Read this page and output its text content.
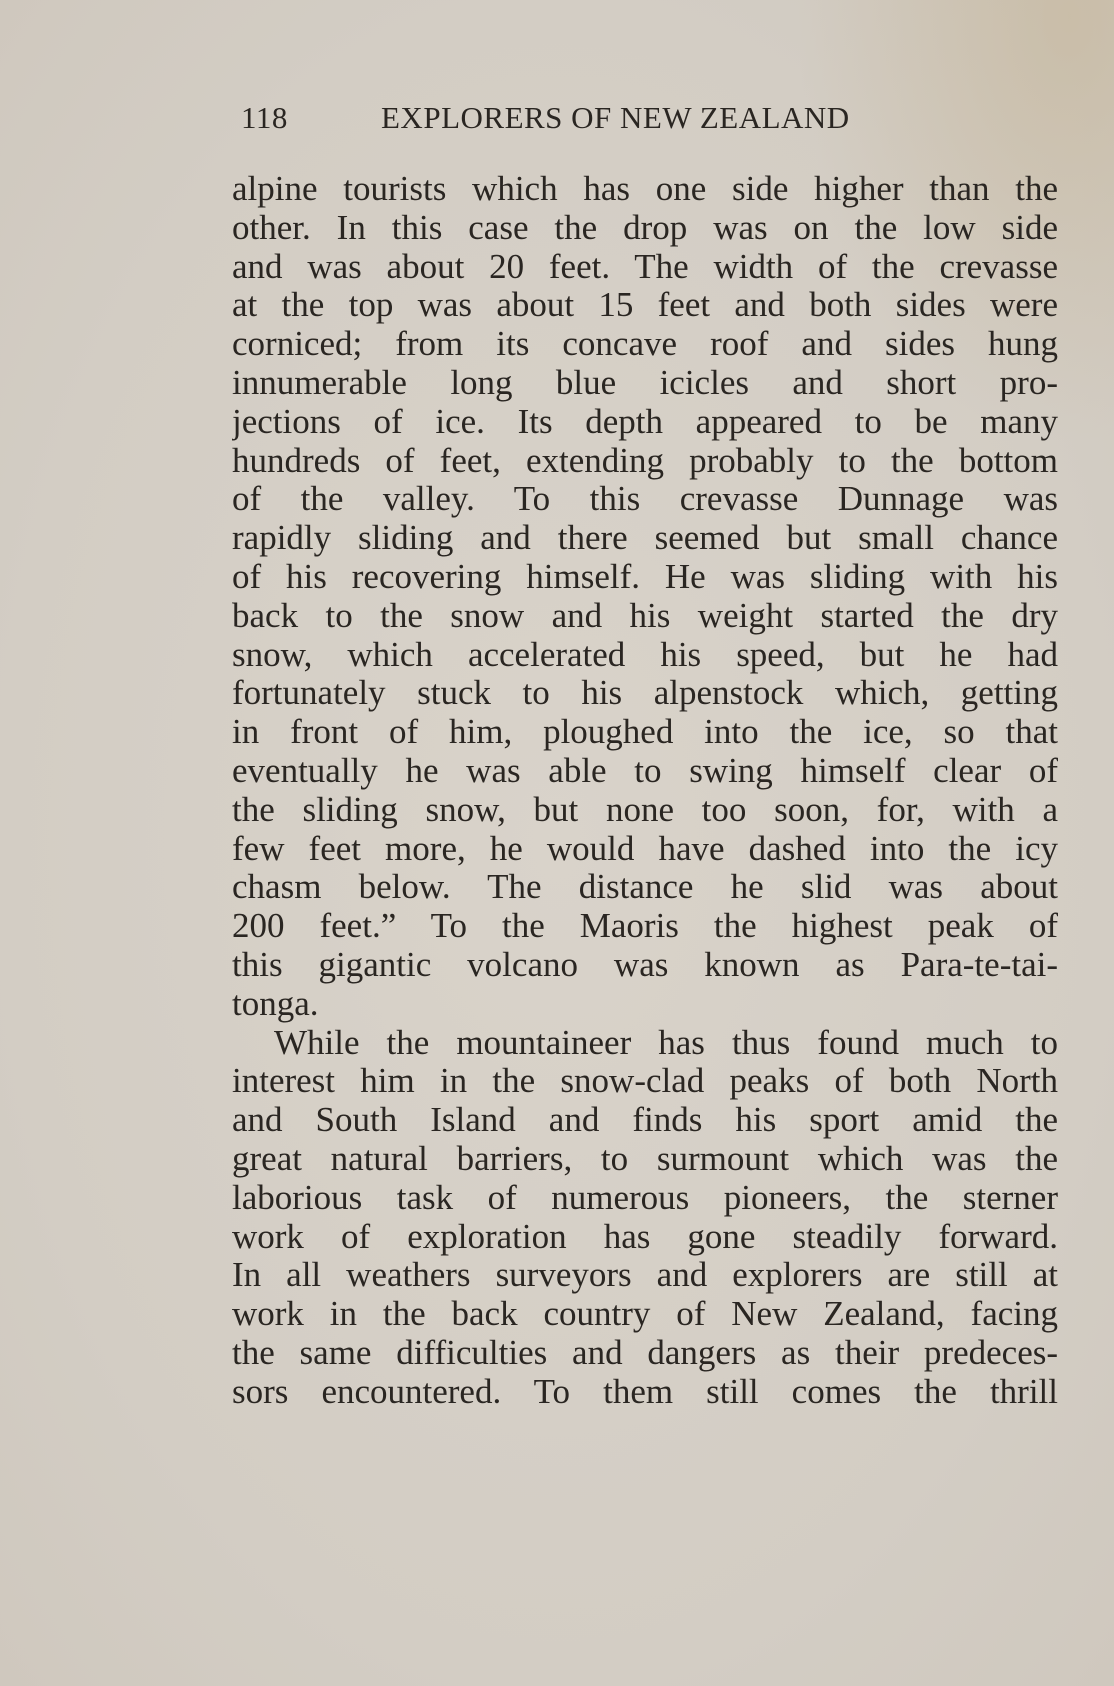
118	EXPLORERS OF NEW ZEALAND
alpine tourists which has one side higher than the
other. In this case the drop was on the low side
and was about 20 feet. The width of the crevasse
at the top was about 15 feet and both sides were
corniced; from its concave roof and sides hung
innumerable long blue icicles and short pro-
jections of ice. Its depth appeared to be many
hundreds of feet, extending probably to the bottom
of the valley. To this crevasse Dunnage was
rapidly sliding and there seemed but small chance
of his recovering himself. He was sliding with his
back to the snow and his weight started the dry
snow, which accelerated his speed, but he had
fortunately stuck to his alpenstock which, getting
in front of him, ploughed into the ice, so that
eventually he was able to swing himself clear of
the sliding snow, but none too soon, for, with a
few feet more, he would have dashed into the icy
chasm below. The distance he slid was about
200 feet.” To the Maoris the highest peak of
this gigantic volcano was known as Para-te-tai-
tonga.
While the mountaineer has thus found much to
interest him in the snow-clad peaks of both North
and South Island and finds his sport amid the
great natural barriers, to surmount which was the
laborious task of numerous pioneers, the sterner
work of exploration has gone steadily forward.
In all weathers surveyors and explorers are still at
work in the back country of New Zealand, facing
the same difficulties and dangers as their predeces-
sors encountered. To them still comes the thrill
